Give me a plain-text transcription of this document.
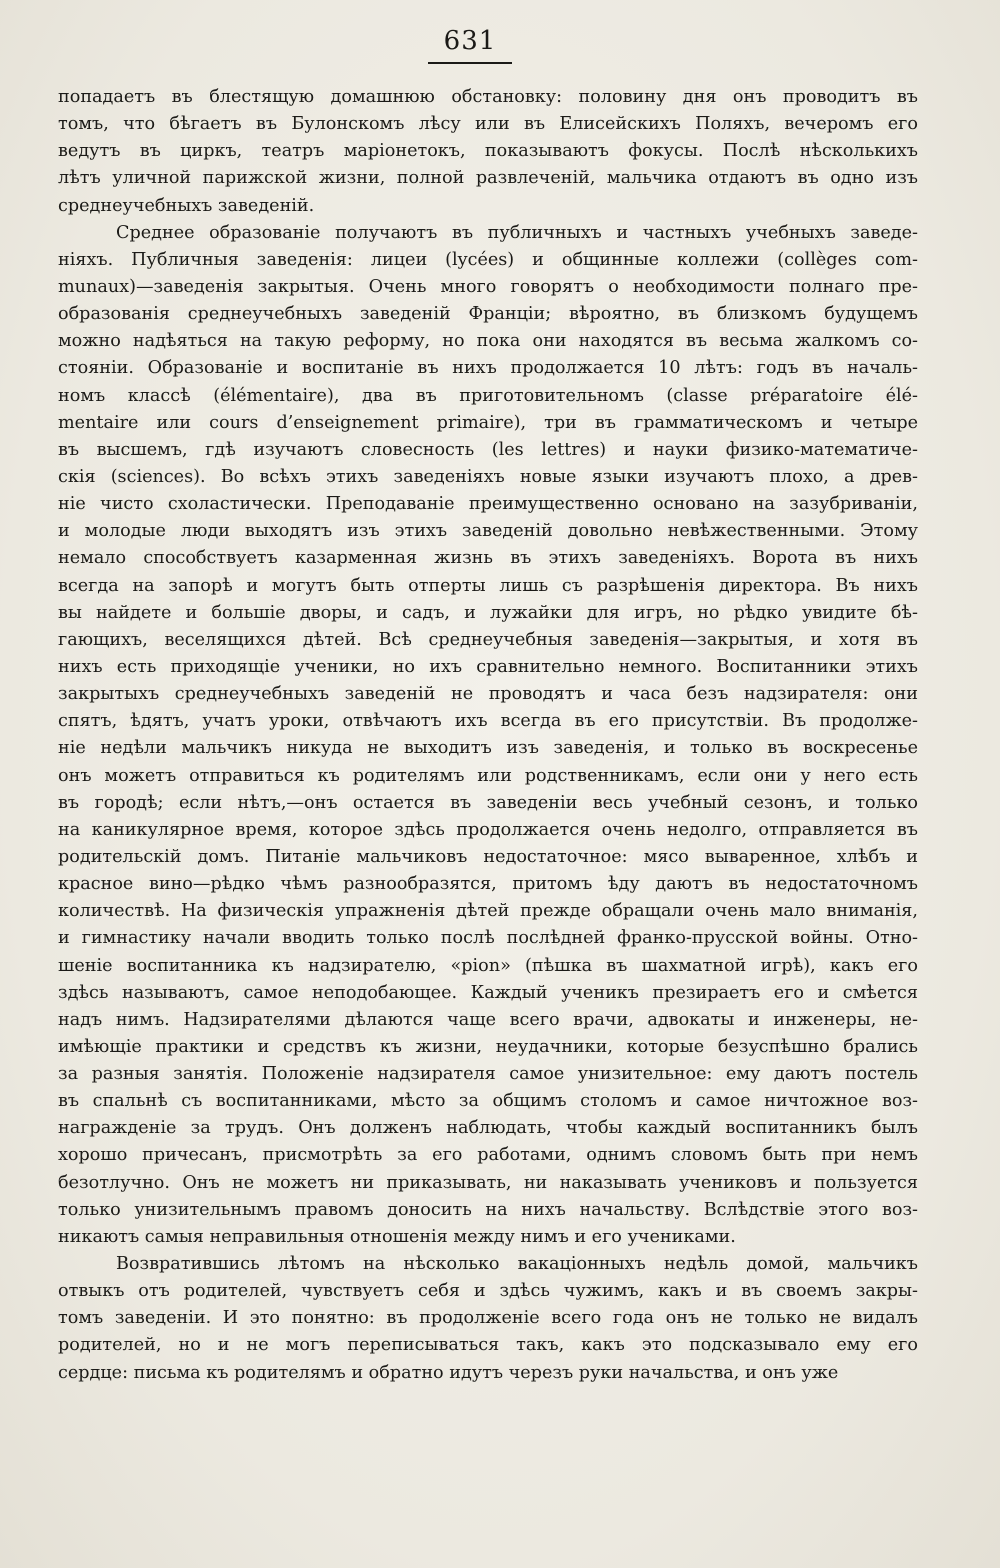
631
попадаетъ въ блестящую домашнюю обстановку: половину дня онъ проводитъ въ
томъ, что бѣгаетъ въ Булонскомъ лѣсу или въ Елисейскихъ Поляхъ, вечеромъ его
ведутъ въ циркъ, театръ маріонетокъ, показываютъ фокусы. Послѣ нѣсколькихъ
лѣтъ уличной парижской жизни, полной развлеченій, мальчика отдаютъ въ одно изъ
среднеучебныхъ заведеній.
Среднее образованіе получаютъ въ публичныхъ и частныхъ учебныхъ заведе-
ніяхъ. Публичныя заведенія: лицеи (lycées) и общинные коллежи (collèges com-
munaux)—заведенія закрытыя. Очень много говорятъ о необходимости полнаго пре-
образованія среднеучебныхъ заведеній Франціи; вѣроятно, въ близкомъ будущемъ
можно надѣяться на такую реформу, но пока они находятся въ весьма жалкомъ со-
стояніи. Образованіе и воспитаніе въ нихъ продолжается 10 лѣтъ: годъ въ началь-
номъ классѣ (élémentaire), два въ приготовительномъ (classe préparatoire élé-
mentaire или cours d’enseignement primaire), три въ грамматическомъ и четыре
въ высшемъ, гдѣ изучаютъ словесность (les lettres) и науки физико-математиче-
скія (sciences). Во всѣхъ этихъ заведеніяхъ новые языки изучаютъ плохо, а древ-
ніе чисто схоластически. Преподаваніе преимущественно основано на зазубриваніи,
и молодые люди выходятъ изъ этихъ заведеній довольно невѣжественными. Этому
немало способствуетъ казарменная жизнь въ этихъ заведеніяхъ. Ворота въ нихъ
всегда на запорѣ и могутъ быть отперты лишь съ разрѣшенія директора. Въ нихъ
вы найдете и большіе дворы, и садъ, и лужайки для игръ, но рѣдко увидите бѣ-
гающихъ, веселящихся дѣтей. Всѣ среднеучебныя заведенія—закрытыя, и хотя въ
нихъ есть приходящіе ученики, но ихъ сравнительно немного. Воспитанники этихъ
закрытыхъ среднеучебныхъ заведеній не проводятъ и часа безъ надзирателя: они
спятъ, ѣдятъ, учатъ уроки, отвѣчаютъ ихъ всегда въ его присутствіи. Въ продолже-
ніе недѣли мальчикъ никуда не выходитъ изъ заведенія, и только въ воскресенье
онъ можетъ отправиться къ родителямъ или родственникамъ, если они у него есть
въ городѣ; если нѣтъ,—онъ остается въ заведеніи весь учебный сезонъ, и только
на каникулярное время, которое здѣсь продолжается очень недолго, отправляется въ
родительскій домъ. Питаніе мальчиковъ недостаточное: мясо вываренное, хлѣбъ и
красное вино—рѣдко чѣмъ разнообразятся, притомъ ѣду даютъ въ недостаточномъ
количествѣ. На физическія упражненія дѣтей прежде обращали очень мало вниманія,
и гимнастику начали вводить только послѣ послѣдней франко-прусской войны. Отно-
шеніе воспитанника къ надзирателю, «pion» (пѣшка въ шахматной игрѣ), какъ его
здѣсь называютъ, самое неподобающее. Каждый ученикъ презираетъ его и смѣется
надъ нимъ. Надзирателями дѣлаются чаще всего врачи, адвокаты и инженеры, не-
имѣющіе практики и средствъ къ жизни, неудачники, которые безуспѣшно брались
за разныя занятія. Положеніе надзирателя самое унизительное: ему даютъ постель
въ спальнѣ съ воспитанниками, мѣсто за общимъ столомъ и самое ничтожное воз-
награжденіе за трудъ. Онъ долженъ наблюдать, чтобы каждый воспитанникъ былъ
хорошо причесанъ, присмотрѣть за его работами, однимъ словомъ быть при немъ
безотлучно. Онъ не можетъ ни приказывать, ни наказывать учениковъ и пользуется
только унизительнымъ правомъ доносить на нихъ начальству. Вслѣдствіе этого воз-
никаютъ самыя неправильныя отношенія между нимъ и его учениками.
Возвратившись лѣтомъ на нѣсколько вакаціонныхъ недѣль домой, мальчикъ
отвыкъ отъ родителей, чувствуетъ себя и здѣсь чужимъ, какъ и въ своемъ закры-
томъ заведеніи. И это понятно: въ продолженіе всего года онъ не только не видалъ
родителей, но и не могъ переписываться такъ, какъ это подсказывало ему его
сердце: письма къ родителямъ и обратно идутъ черезъ руки начальства, и онъ уже
